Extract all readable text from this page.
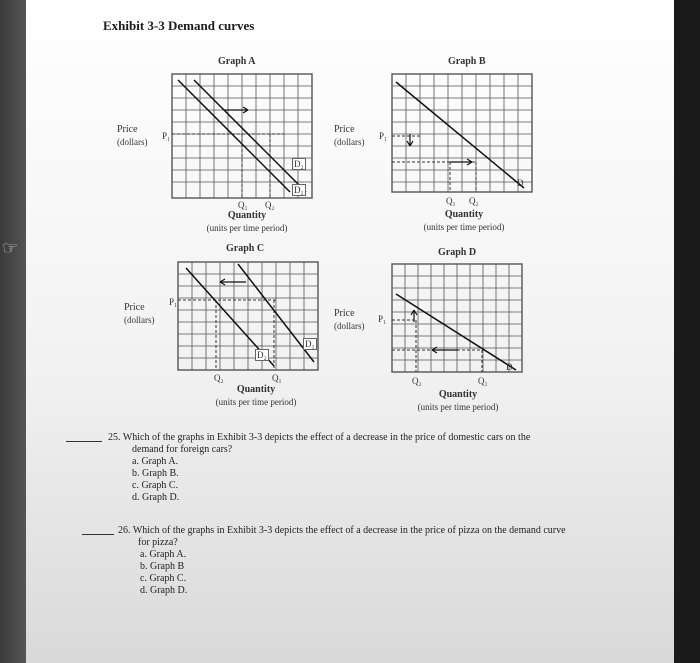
☞
Exhibit 3-3 Demand curves
Graph A
Price
(dollars)
P₁
D₂
D₁
Q₁ Q₂
Quantity
(units per time period)
Graph B
Price
(dollars)
P₁
D
Q₁ Q₂
Quantity
(units per time period)
Graph C
Price
(dollars)
P₁
D₁
D₂
Q₂	Q₁
Quantity
(units per time period)
Graph D
Price
(dollars)
P₁
D
Q₂	Q₁
Quantity
(units per time period)
25. Which of the graphs in Exhibit 3-3 depicts the effect of a decrease in the price of domestic cars on the
demand for foreign cars?
a. Graph A.
b. Graph B.
c. Graph C.
d. Graph D.
26. Which of the graphs in Exhibit 3-3 depicts the effect of a decrease in the price of pizza on the demand curve
for pizza?
a. Graph A.
b. Graph B
c. Graph C.
d. Graph D.
